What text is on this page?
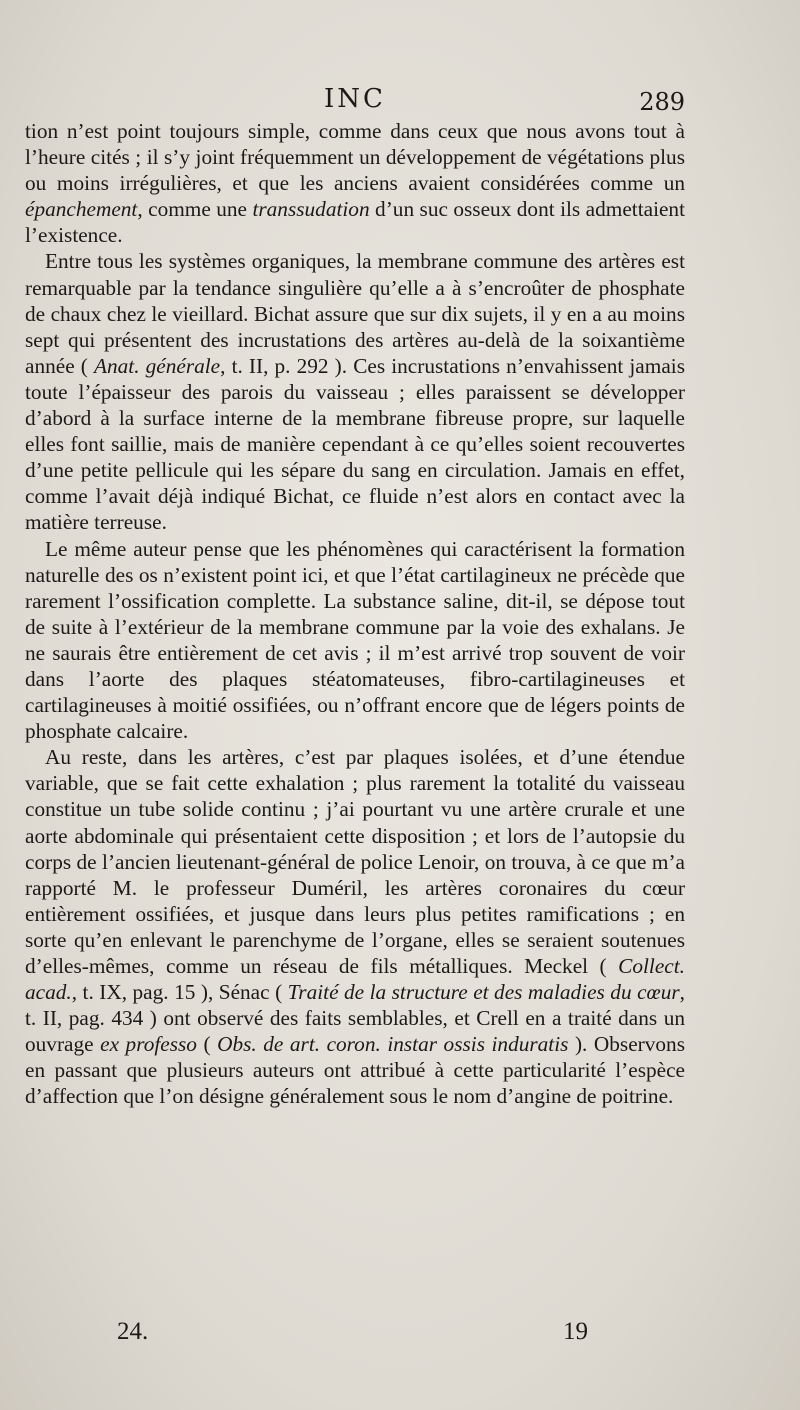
INC	289

tion n’est point toujours simple, comme dans ceux que nous avons tout à l’heure cités ; il s’y joint fréquemment un développement de végétations plus ou moins irrégulières, et que les anciens avaient considérées comme un épanchement, comme une transsudation d’un suc osseux dont ils admettaient l’existence.

Entre tous les systèmes organiques, la membrane commune des artères est remarquable par la tendance singulière qu’elle a à s’encroûter de phosphate de chaux chez le vieillard. Bichat assure que sur dix sujets, il y en a au moins sept qui présentent des incrustations des artères au-delà de la soixantième année ( Anat. générale, t. II, p. 292 ). Ces incrustations n’envahissent jamais toute l’épaisseur des parois du vaisseau ; elles paraissent se développer d’abord à la surface interne de la membrane fibreuse propre, sur laquelle elles font saillie, mais de manière cependant à ce qu’elles soient recouvertes d’une petite pellicule qui les sépare du sang en circulation. Jamais en effet, comme l’avait déjà indiqué Bichat, ce fluide n’est alors en contact avec la matière terreuse.

Le même auteur pense que les phénomènes qui caractérisent la formation naturelle des os n’existent point ici, et que l’état cartilagineux ne précède que rarement l’ossification complette. La substance saline, dit-il, se dépose tout de suite à l’extérieur de la membrane commune par la voie des exhalans. Je ne saurais être entièrement de cet avis ; il m’est arrivé trop souvent de voir dans l’aorte des plaques stéatomateuses, fibro-cartilagineuses et cartilagineuses à moitié ossifiées, ou n’offrant encore que de légers points de phosphate calcaire.

Au reste, dans les artères, c’est par plaques isolées, et d’une étendue variable, que se fait cette exhalation ; plus rarement la totalité du vaisseau constitue un tube solide continu ; j’ai pourtant vu une artère crurale et une aorte abdominale qui présentaient cette disposition ; et lors de l’autopsie du corps de l’ancien lieutenant-général de police Lenoir, on trouva, à ce que m’a rapporté M. le professeur Duméril, les artères coronaires du cœur entièrement ossifiées, et jusque dans leurs plus petites ramifications ; en sorte qu’en enlevant le parenchyme de l’organe, elles se seraient soutenues d’elles-mêmes, comme un réseau de fils métalliques. Meckel ( Collect. acad., t. IX, pag. 15 ), Sénac ( Traité de la structure et des maladies du cœur, t. II, pag. 434 ) ont observé des faits semblables, et Crell en a traité dans un ouvrage ex professo ( Obs. de art. coron. instar ossis induratis ). Observons en passant que plusieurs auteurs ont attribué à cette particularité l’espèce d’affection que l’on désigne généralement sous le nom d’angine de poitrine.

24.	19
